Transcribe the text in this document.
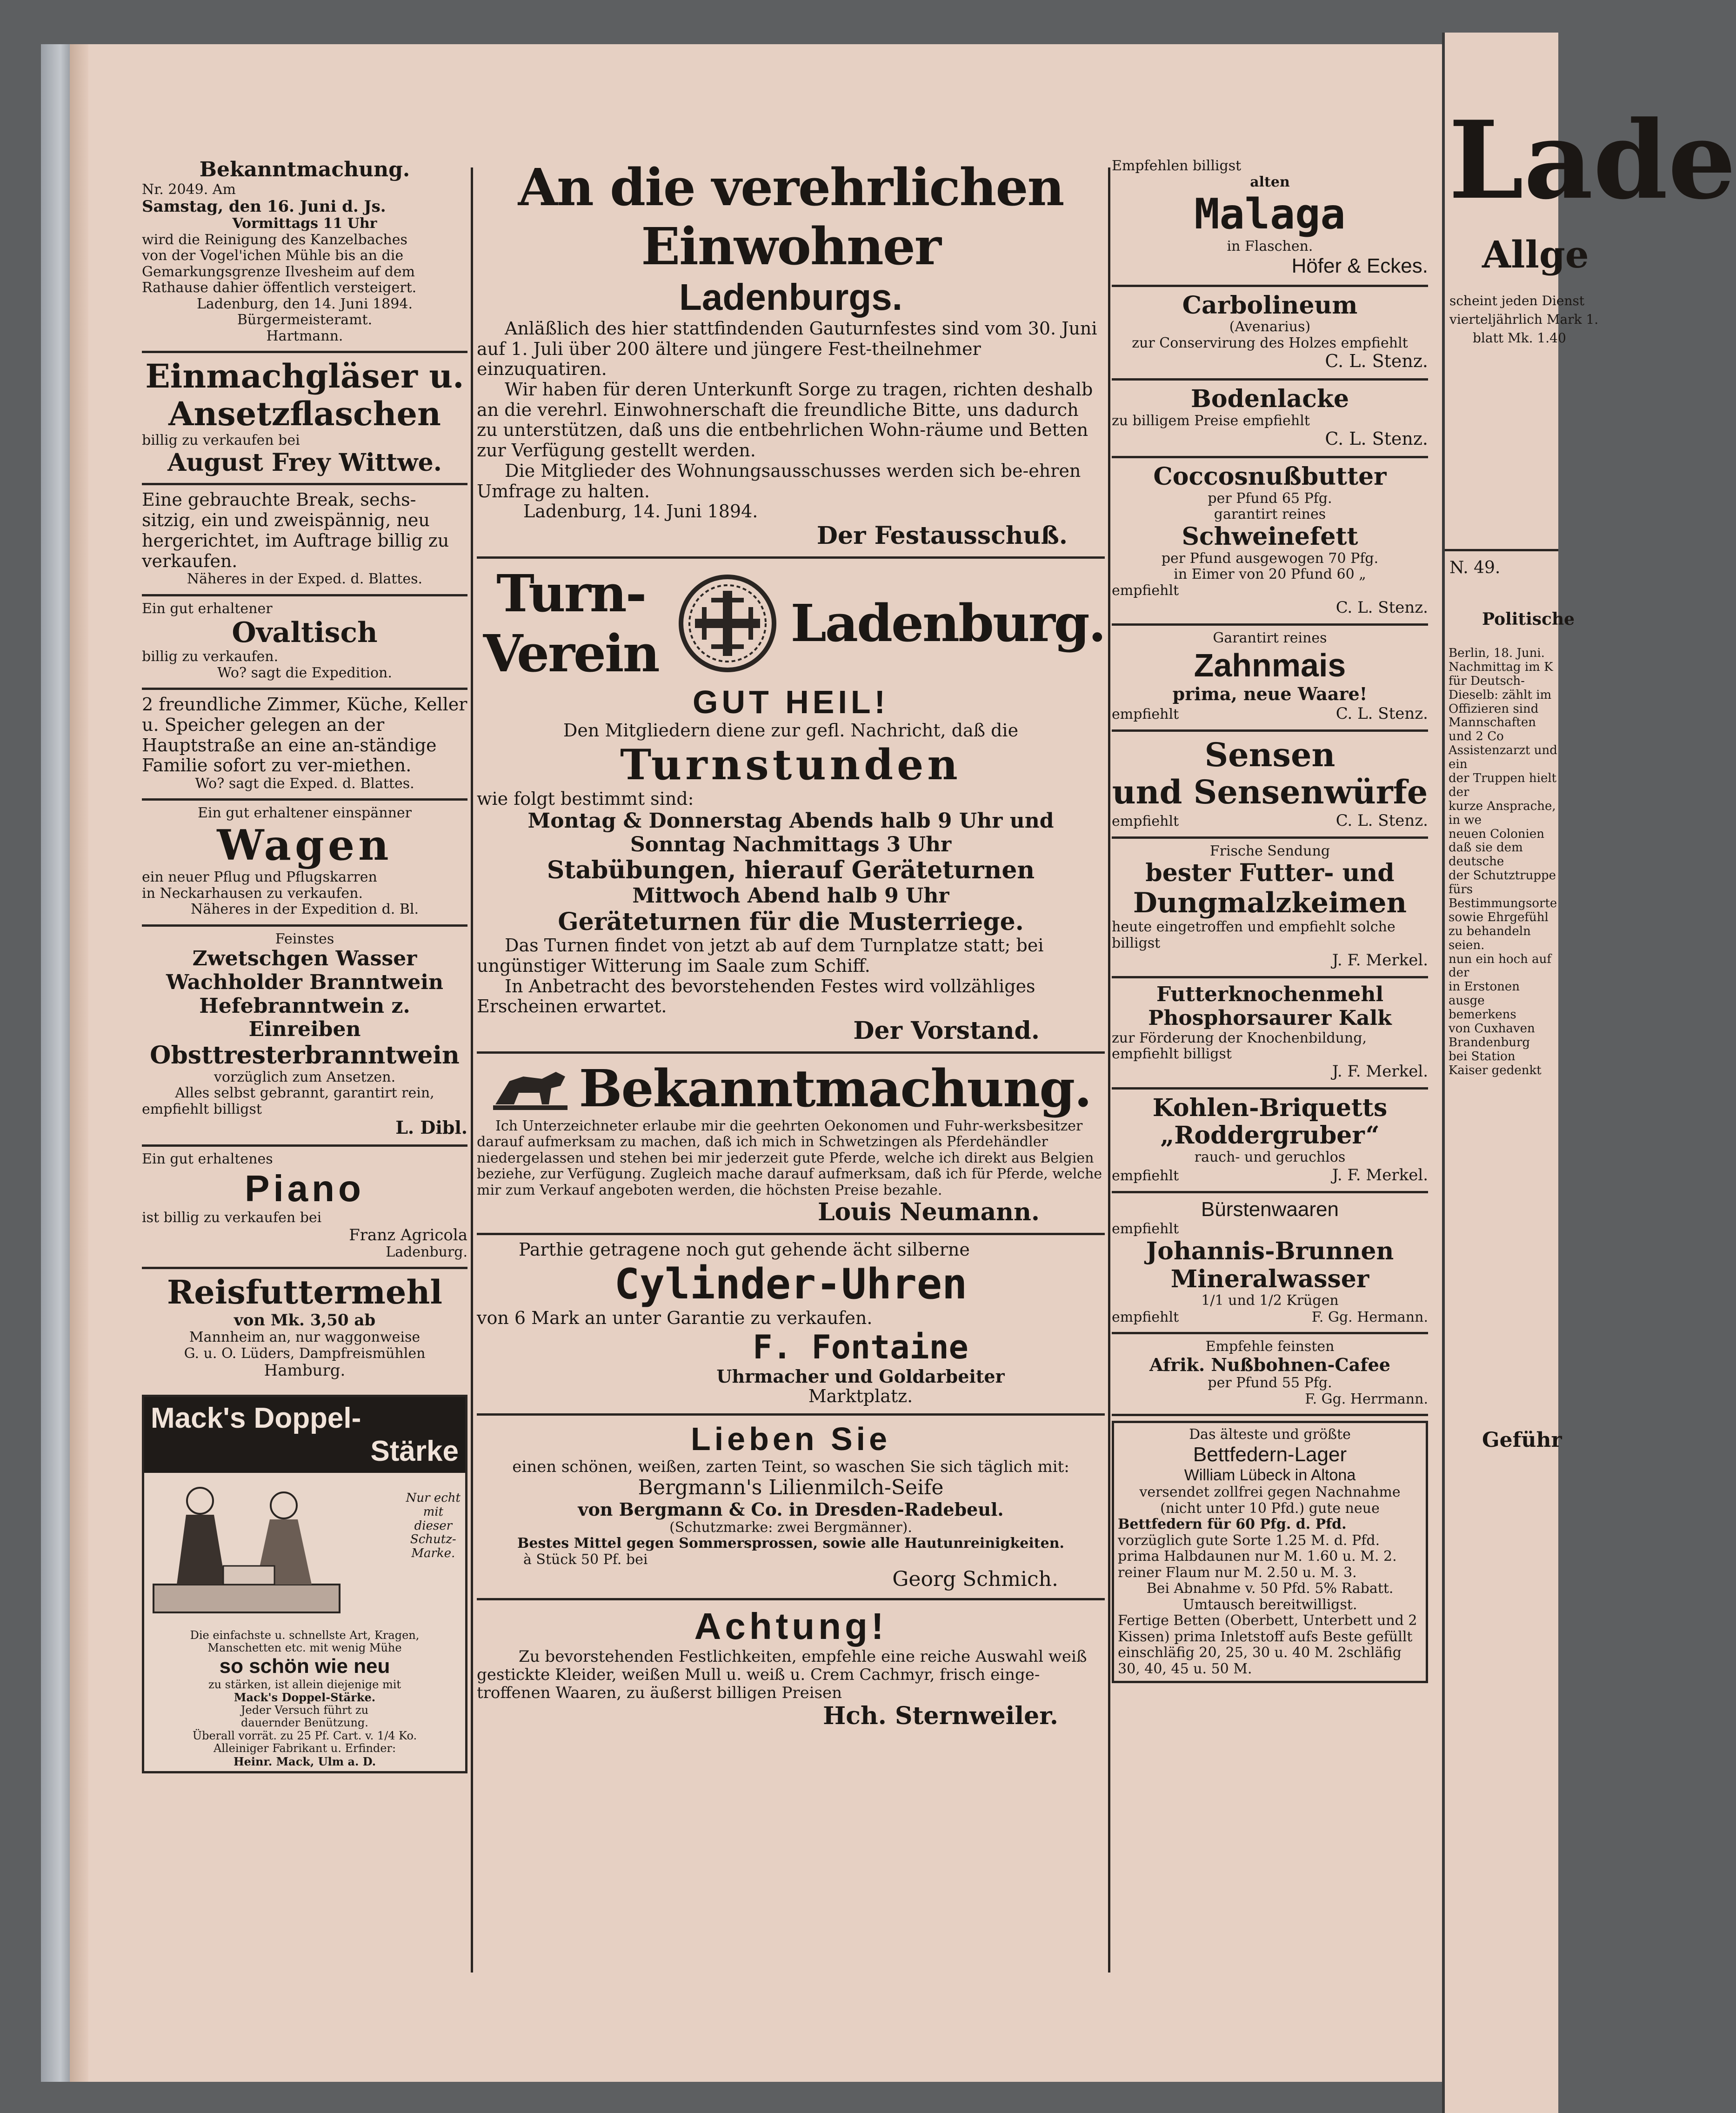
Bekanntmachung.
Nr. 2049. Am
Samstag, den 16. Juni d. Js.
Vormittags 11 Uhr
wird die Reinigung des Kanzelbaches
von der Vogel'ichen Mühle bis an die
Gemarkungsgrenze Ilvesheim auf dem
Rathause dahier öffentlich versteigert.
Ladenburg, den 14. Juni 1894.
Bürgermeisteramt.
Hartmann.
Einmachgläser u.
Ansetzflaschen
billig zu verkaufen bei
August Frey Wittwe.
Eine gebrauchte Break, sechs-sitzig, ein und zweispännig, neu hergerichtet, im Auftrage billig zu verkaufen.
Näheres in der Exped. d. Blattes.
Ein gut erhaltener
Ovaltisch
billig zu verkaufen.
Wo? sagt die Expedition.
2 freundliche Zimmer, Küche, Keller u. Speicher gelegen an der Hauptstraße an eine an-ständige Familie sofort zu ver-miethen.
Wo? sagt die Exped. d. Blattes.
Ein gut erhaltener einspänner
Wagen
ein neuer Pflug und Pflugskarren
in Neckarhausen zu verkaufen.
Näheres in der Expedition d. Bl.
Feinstes
Zwetschgen Wasser
Wachholder Branntwein
Hefebranntwein z. Einreiben
Obsttresterbranntwein
vorzüglich zum Ansetzen.
Alles selbst gebrannt, garantirt rein,
empfiehlt billigst
L. Dibl.
Ein gut erhaltenes
Piano
ist billig zu verkaufen bei
Franz Agricola
Ladenburg.
Reisfuttermehl
von Mk. 3,50 ab
Mannheim an, nur waggonweise
G. u. O. Lüders, Dampfreismühlen
Hamburg.
Mack's Doppel-
Stärke
Nur echt
mit
dieser
Schutz-
Marke.
Die einfachste u. schnellste Art, Kragen,
Manschetten etc. mit wenig Mühe
so schön wie neu
zu stärken, ist allein diejenige mit
Mack's Doppel-Stärke.
Jeder Versuch führt zu
dauernder Benützung.
Überall vorrät. zu 25 Pf. Cart. v. 1/4 Ko.
Alleiniger Fabrikant u. Erfinder:
Heinr. Mack, Ulm a. D.
An die verehrlichen Einwohner
Ladenburgs.
Anläßlich des hier stattfindenden Gauturnfestes sind vom 30. Juni auf 1. Juli über 200 ältere und jüngere Fest-theilnehmer einzuquatiren.
Wir haben für deren Unterkunft Sorge zu tragen, richten deshalb an die verehrl. Einwohnerschaft die freundliche Bitte, uns dadurch zu unterstützen, daß uns die entbehrlichen Wohn-räume und Betten zur Verfügung gestellt werden.
Die Mitglieder des Wohnungsausschusses werden sich be-ehren Umfrage zu halten.
Ladenburg, 14. Juni 1894.
Der Festausschuß.
Turn-Verein	Ladenburg.
GUT HEIL!
Den Mitgliedern diene zur gefl. Nachricht, daß die
Turnstunden
wie folgt bestimmt sind:
Montag & Donnerstag Abends halb 9 Uhr und
Sonntag Nachmittags 3 Uhr
Stabübungen, hierauf Geräteturnen
Mittwoch Abend halb 9 Uhr
Geräteturnen für die Musterriege.
Das Turnen findet von jetzt ab auf dem Turnplatze statt; bei ungünstiger Witterung im Saale zum Schiff.
In Anbetracht des bevorstehenden Festes wird vollzähliges Erscheinen erwartet.
Der Vorstand.
Bekanntmachung.
Ich Unterzeichneter erlaube mir die geehrten Oekonomen und Fuhr-werksbesitzer darauf aufmerksam zu machen, daß ich mich in Schwetzingen als Pferdehändler niedergelassen und stehen bei mir jederzeit gute Pferde, welche ich direkt aus Belgien beziehe, zur Verfügung. Zugleich mache darauf aufmerksam, daß ich für Pferde, welche mir zum Verkauf angeboten werden, die höchsten Preise bezahle.
Louis Neumann.
Parthie getragene noch gut gehende ächt silberne
Cylinder-Uhren
von 6 Mark an unter Garantie zu verkaufen.
F. Fontaine
Uhrmacher und Goldarbeiter
Marktplatz.
Lieben Sie
einen schönen, weißen, zarten Teint, so waschen Sie sich täglich mit:
Bergmann's Lilienmilch-Seife
von Bergmann & Co. in Dresden-Radebeul.
(Schutzmarke: zwei Bergmänner).
Bestes Mittel gegen Sommersprossen, sowie alle Hautunreinigkeiten.
à Stück 50 Pf. bei
Georg Schmich.
Achtung!
Zu bevorstehenden Festlichkeiten, empfehle eine reiche Auswahl weiß gestickte Kleider, weißen Mull u. weiß u. Crem Cachmyr, frisch einge-troffenen Waaren, zu äußerst billigen Preisen
Hch. Sternweiler.
Empfehlen billigst
alten
Malaga
in Flaschen.
Höfer & Eckes.
Carbolineum
(Avenarius)
zur Conservirung des Holzes empfiehlt
C. L. Stenz.
Bodenlacke
zu billigem Preise empfiehlt
C. L. Stenz.
Coccosnußbutter
per Pfund 65 Pfg.
garantirt reines
Schweinefett
per Pfund ausgewogen 70 Pfg.
in Eimer von 20 Pfund 60 „
empfiehlt
C. L. Stenz.
Garantirt reines
Zahnmais
prima, neue Waare!
empfiehlt	C. L. Stenz.
Sensen
und Sensenwürfe
empfiehlt	C. L. Stenz.
Frische Sendung
bester Futter- und
Dungmalzkeimen
heute eingetroffen und empfiehlt solche
billigst
J. F. Merkel.
Futterknochenmehl
Phosphorsaurer Kalk
zur Förderung der Knochenbildung,
empfiehlt billigst
J. F. Merkel.
Kohlen-Briquetts
„Roddergruber“
rauch- und geruchlos
empfiehlt	J. F. Merkel.
Bürstenwaaren
empfiehlt
Johannis-Brunnen
Mineralwasser
1/1 und 1/2 Krügen
empfiehlt	F. Gg. Hermann.
Empfehle feinsten
Afrik. Nußbohnen-Cafee
per Pfund 55 Pfg.
F. Gg. Herrmann.
Das älteste und größte
Bettfedern-Lager
William Lübeck in Altona
versendet zollfrei gegen Nachnahme (nicht unter 10 Pfd.) gute neue
Bettfedern für 60 Pfg. d. Pfd.
vorzüglich gute Sorte 1.25 M. d. Pfd.
prima Halbdaunen nur M. 1.60 u. M. 2.
reiner Flaum nur M. 2.50 u. M. 3.
Bei Abnahme v. 50 Pfd. 5% Rabatt.
Umtausch bereitwilligst.
Fertige Betten (Oberbett, Unterbett und 2 Kissen) prima Inletstoff aufs Beste gefüllt einschläfig 20, 25, 30 u. 40 M. 2schläfig 30, 40, 45 u. 50 M.
Lade
Allge
scheint jeden Dienst
vierteljährlich Mark 1.
blatt Mk. 1.40
N. 49.
Politische
Berlin, 18. Juni.
Nachmittag im K
für Deutsch-
Dieselb: zählt im
Offizieren sind
Mannschaften und 2 Co
Assistenzarzt und ein
der Truppen hielt der
kurze Ansprache, in we
neuen Colonien
daß sie dem deutsche
der Schutztruppe fürs
Bestimmungsorte
sowie Ehrgefühl
zu behandeln seien.
nun ein hoch auf der
in Erstonen ausge
bemerkens
von Cuxhaven
Brandenburg
bei Station
Kaiser gedenkt
Geführ
